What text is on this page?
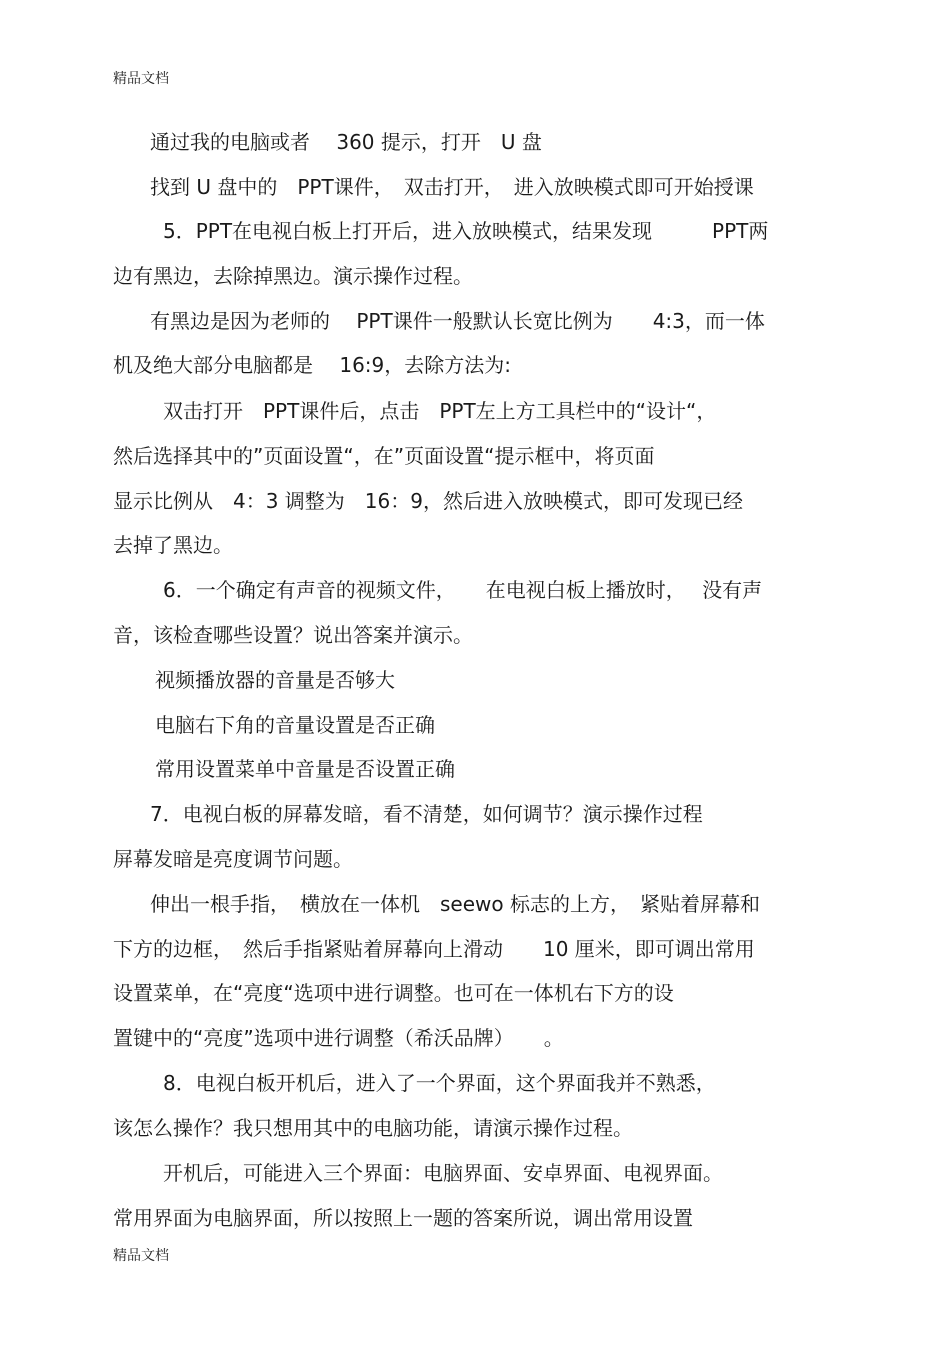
精品文档
通过我的电脑或者　 360 提示，打开　U 盘
找到 U 盘中的　PPT课件，　双击打开，　进入放映模式即可开始授课
5．PPT在电视白板上打开后，进入放映模式，结果发现　　　PPT两
边有黑边，去除掉黑边。演示操作过程。
有黑边是因为老师的　 PPT课件一般默认长宽比例为　　4:3，而一体
机及绝大部分电脑都是　 16:9，去除方法为:
双击打开　PPT课件后，点击　PPT左上方工具栏中的“设计“，
然后选择其中的”页面设置“，在”页面设置“提示框中，将页面
显示比例从　4：3 调整为　16：9，然后进入放映模式，即可发现已经
去掉了黑边。
6．一个确定有声音的视频文件，　　在电视白板上播放时，　 没有声
音，该检查哪些设置？说出答案并演示。
视频播放器的音量是否够大
电脑右下角的音量设置是否正确
常用设置菜单中音量是否设置正确
7．电视白板的屏幕发暗，看不清楚，如何调节？演示操作过程
屏幕发暗是亮度调节问题。
伸出一根手指，　横放在一体机　seewo 标志的上方，　紧贴着屏幕和
下方的边框，　然后手指紧贴着屏幕向上滑动　　10 厘米，即可调出常用
设置菜单，在“亮度“选项中进行调整。也可在一体机右下方的设
置键中的“亮度”选项中进行调整（希沃品牌）　　。
8．电视白板开机后，进入了一个界面，这个界面我并不熟悉，
该怎么操作？我只想用其中的电脑功能，请演示操作过程。
开机后，可能进入三个界面：电脑界面、安卓界面、电视界面。
常用界面为电脑界面，所以按照上一题的答案所说，调出常用设置
精品文档
